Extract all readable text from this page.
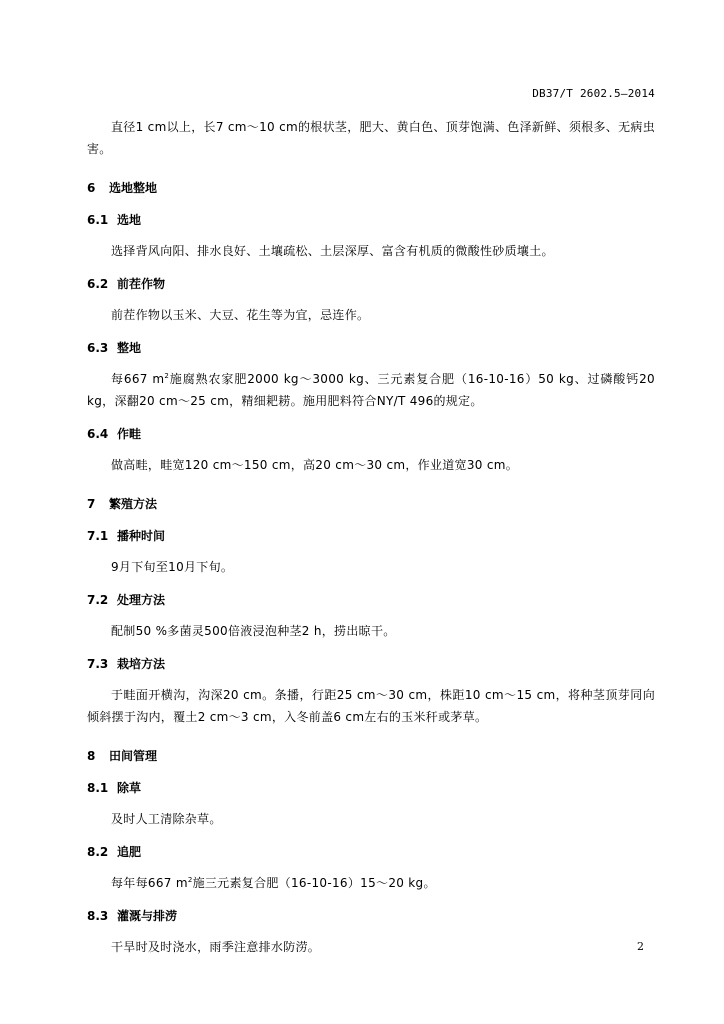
DB37/T 2602.5—2014

直径1 cm以上，长7 cm～10 cm的根状茎，肥大、黄白色、顶芽饱满、色泽新鲜、须根多、无病虫害。

6 选地整地
6.1 选地

选择背风向阳、排水良好、土壤疏松、土层深厚、富含有机质的微酸性砂质壤土。

6.2 前茬作物

前茬作物以玉米、大豆、花生等为宜，忌连作。

6.3 整地

每667 $m^2$施腐熟农家肥2000 kg～3000 kg、三元素复合肥（16-10-16）50 kg、过磷酸钙20 kg，深翻20 cm～25 cm，精细耙耢。施用肥料符合NY/T 496的规定。

6.4 作畦

做高畦，畦宽120 cm～150 cm，高20 cm～30 cm，作业道宽30 cm。

7 繁殖方法
7.1 播种时间

9月下旬至10月下旬。

7.2 处理方法

配制50 %多菌灵500倍液浸泡种茎2 h，捞出晾干。

7.3 栽培方法

于畦面开横沟，沟深20 cm。条播，行距25 cm～30 cm，株距10 cm～15 cm，将种茎顶芽同向倾斜摆于沟内，覆土2 cm～3 cm，入冬前盖6 cm左右的玉米秆或茅草。

8 田间管理
8.1 除草

及时人工清除杂草。

8.2 追肥

每年每667 $m^2$施三元素复合肥（16-10-16）15～20 kg。

8.3 灌溉与排涝

干旱时及时浇水，雨季注意排水防涝。	2
